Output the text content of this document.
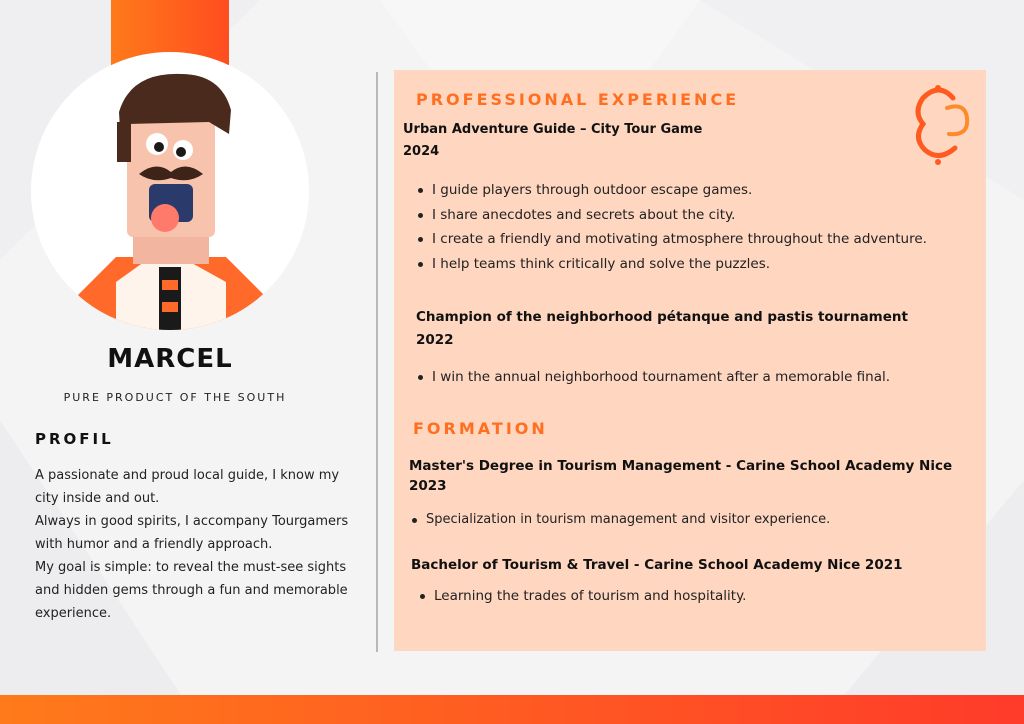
MARCEL
PURE PRODUCT OF THE SOUTH
PROFIL

A passionate and proud local guide, I know my city inside and out.

Always in good spirits, I accompany Tourgamers with humor and a friendly approach.

My goal is simple: to reveal the must-see sights and hidden gems through a fun and memorable experience.

PROFESSIONAL EXPERIENCE
Urban Adventure Guide – City Tour Game
2024
I guide players through outdoor escape games.
I share anecdotes and secrets about the city.
I create a friendly and motivating atmosphere throughout the adventure.
I help teams think critically and solve the puzzles.
Champion of the neighborhood pétanque and pastis tournament
2022
I win the annual neighborhood tournament after a memorable final.
FORMATION
Master's Degree in Tourism Management - Carine School Academy Nice
2023
Specialization in tourism management and visitor experience.
Bachelor of Tourism & Travel - Carine School Academy Nice 2021
Learning the trades of tourism and hospitality.
